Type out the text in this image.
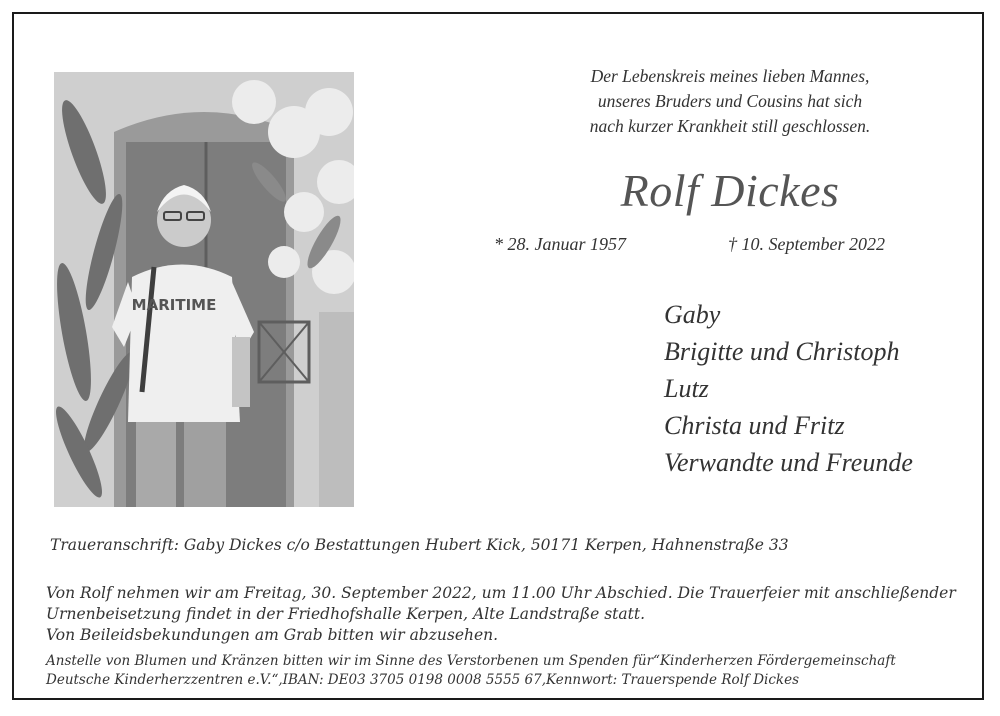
MARITIME
Der Lebenskreis meines lieben Mannes,
unseres Bruders und Cousins hat sich
nach kurzer Krankheit still geschlossen.
Rolf Dickes
* 28. Januar 1957	† 10. September 2022
Gaby
Brigitte und Christoph
Lutz
Christa und Fritz
Verwandte und Freunde
Traueranschrift: Gaby Dickes c/o Bestattungen Hubert Kick, 50171 Kerpen, Hahnenstraße 33
Von Rolf nehmen wir am Freitag, 30. September 2022, um 11.00 Uhr Abschied. Die Trauerfeier mit anschließender
Urnenbeisetzung findet in der Friedhofshalle Kerpen, Alte Landstraße statt.
Von Beileidsbekundungen am Grab bitten wir abzusehen.
Anstelle von Blumen und Kränzen bitten wir im Sinne des Verstorbenen um Spenden für“Kinderherzen Fördergemeinschaft
Deutsche Kinderherzzentren e.V.“,IBAN: DE03 3705 0198 0008 5555 67,Kennwort: Trauerspende Rolf Dickes
